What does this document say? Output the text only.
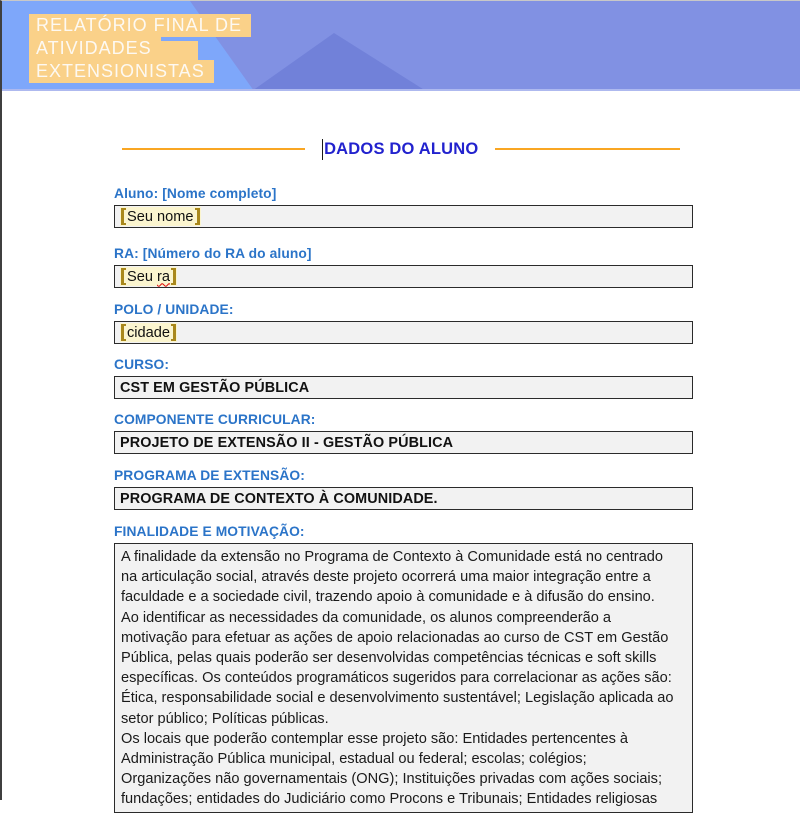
RELATÓRIO FINAL DE
ATIVIDADES
EXTENSIONISTAS
DADOS DO ALUNO
Aluno: [Nome completo]
Seu nome
RA: [Número do RA do aluno]
Seu ra
POLO / UNIDADE:
cidade
CURSO:
CST EM GESTÃO PÚBLICA
COMPONENTE CURRICULAR:
PROJETO DE EXTENSÃO II - GESTÃO PÚBLICA
PROGRAMA DE EXTENSÃO:
PROGRAMA DE CONTEXTO À COMUNIDADE.
FINALIDADE E MOTIVAÇÃO:
A finalidade da extensão no Programa de Contexto à Comunidade está no centrado
na articulação social, através deste projeto ocorrerá uma maior integração entre a
faculdade e a sociedade civil, trazendo apoio à comunidade e à difusão do ensino.
Ao identificar as necessidades da comunidade, os alunos compreenderão a
motivação para efetuar as ações de apoio relacionadas ao curso de CST em Gestão
Pública, pelas quais poderão ser desenvolvidas competências técnicas e soft skills
específicas. Os conteúdos programáticos sugeridos para correlacionar as ações são:
Ética, responsabilidade social e desenvolvimento sustentável; Legislação aplicada ao
setor público; Políticas públicas.
Os locais que poderão contemplar esse projeto são: Entidades pertencentes à
Administração Pública municipal, estadual ou federal; escolas; colégios;
Organizações não governamentais (ONG); Instituições privadas com ações sociais;
fundações; entidades do Judiciário como Procons e Tribunais; Entidades religiosas
